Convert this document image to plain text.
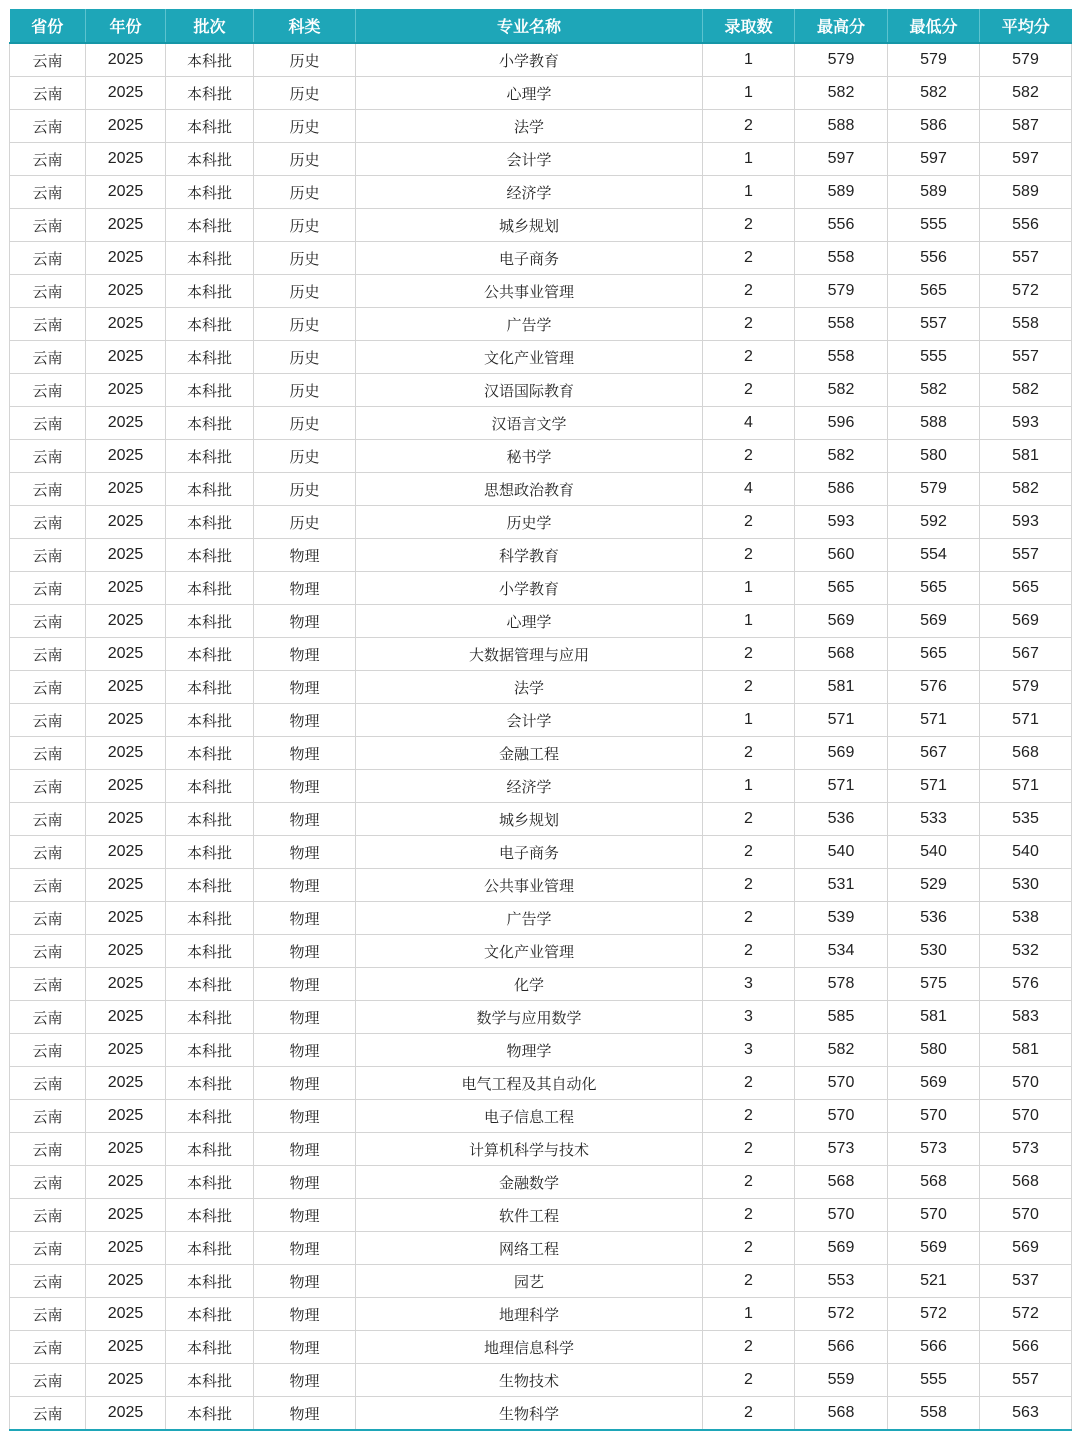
省份	年份	批次	科类	专业名称	录取数	最高分	最低分	平均分
云南	2025	本科批	历史	小学教育	1	579	579	579
云南	2025	本科批	历史	心理学	1	582	582	582
云南	2025	本科批	历史	法学	2	588	586	587
云南	2025	本科批	历史	会计学	1	597	597	597
云南	2025	本科批	历史	经济学	1	589	589	589
云南	2025	本科批	历史	城乡规划	2	556	555	556
云南	2025	本科批	历史	电子商务	2	558	556	557
云南	2025	本科批	历史	公共事业管理	2	579	565	572
云南	2025	本科批	历史	广告学	2	558	557	558
云南	2025	本科批	历史	文化产业管理	2	558	555	557
云南	2025	本科批	历史	汉语国际教育	2	582	582	582
云南	2025	本科批	历史	汉语言文学	4	596	588	593
云南	2025	本科批	历史	秘书学	2	582	580	581
云南	2025	本科批	历史	思想政治教育	4	586	579	582
云南	2025	本科批	历史	历史学	2	593	592	593
云南	2025	本科批	物理	科学教育	2	560	554	557
云南	2025	本科批	物理	小学教育	1	565	565	565
云南	2025	本科批	物理	心理学	1	569	569	569
云南	2025	本科批	物理	大数据管理与应用	2	568	565	567
云南	2025	本科批	物理	法学	2	581	576	579
云南	2025	本科批	物理	会计学	1	571	571	571
云南	2025	本科批	物理	金融工程	2	569	567	568
云南	2025	本科批	物理	经济学	1	571	571	571
云南	2025	本科批	物理	城乡规划	2	536	533	535
云南	2025	本科批	物理	电子商务	2	540	540	540
云南	2025	本科批	物理	公共事业管理	2	531	529	530
云南	2025	本科批	物理	广告学	2	539	536	538
云南	2025	本科批	物理	文化产业管理	2	534	530	532
云南	2025	本科批	物理	化学	3	578	575	576
云南	2025	本科批	物理	数学与应用数学	3	585	581	583
云南	2025	本科批	物理	物理学	3	582	580	581
云南	2025	本科批	物理	电气工程及其自动化	2	570	569	570
云南	2025	本科批	物理	电子信息工程	2	570	570	570
云南	2025	本科批	物理	计算机科学与技术	2	573	573	573
云南	2025	本科批	物理	金融数学	2	568	568	568
云南	2025	本科批	物理	软件工程	2	570	570	570
云南	2025	本科批	物理	网络工程	2	569	569	569
云南	2025	本科批	物理	园艺	2	553	521	537
云南	2025	本科批	物理	地理科学	1	572	572	572
云南	2025	本科批	物理	地理信息科学	2	566	566	566
云南	2025	本科批	物理	生物技术	2	559	555	557
云南	2025	本科批	物理	生物科学	2	568	558	563
